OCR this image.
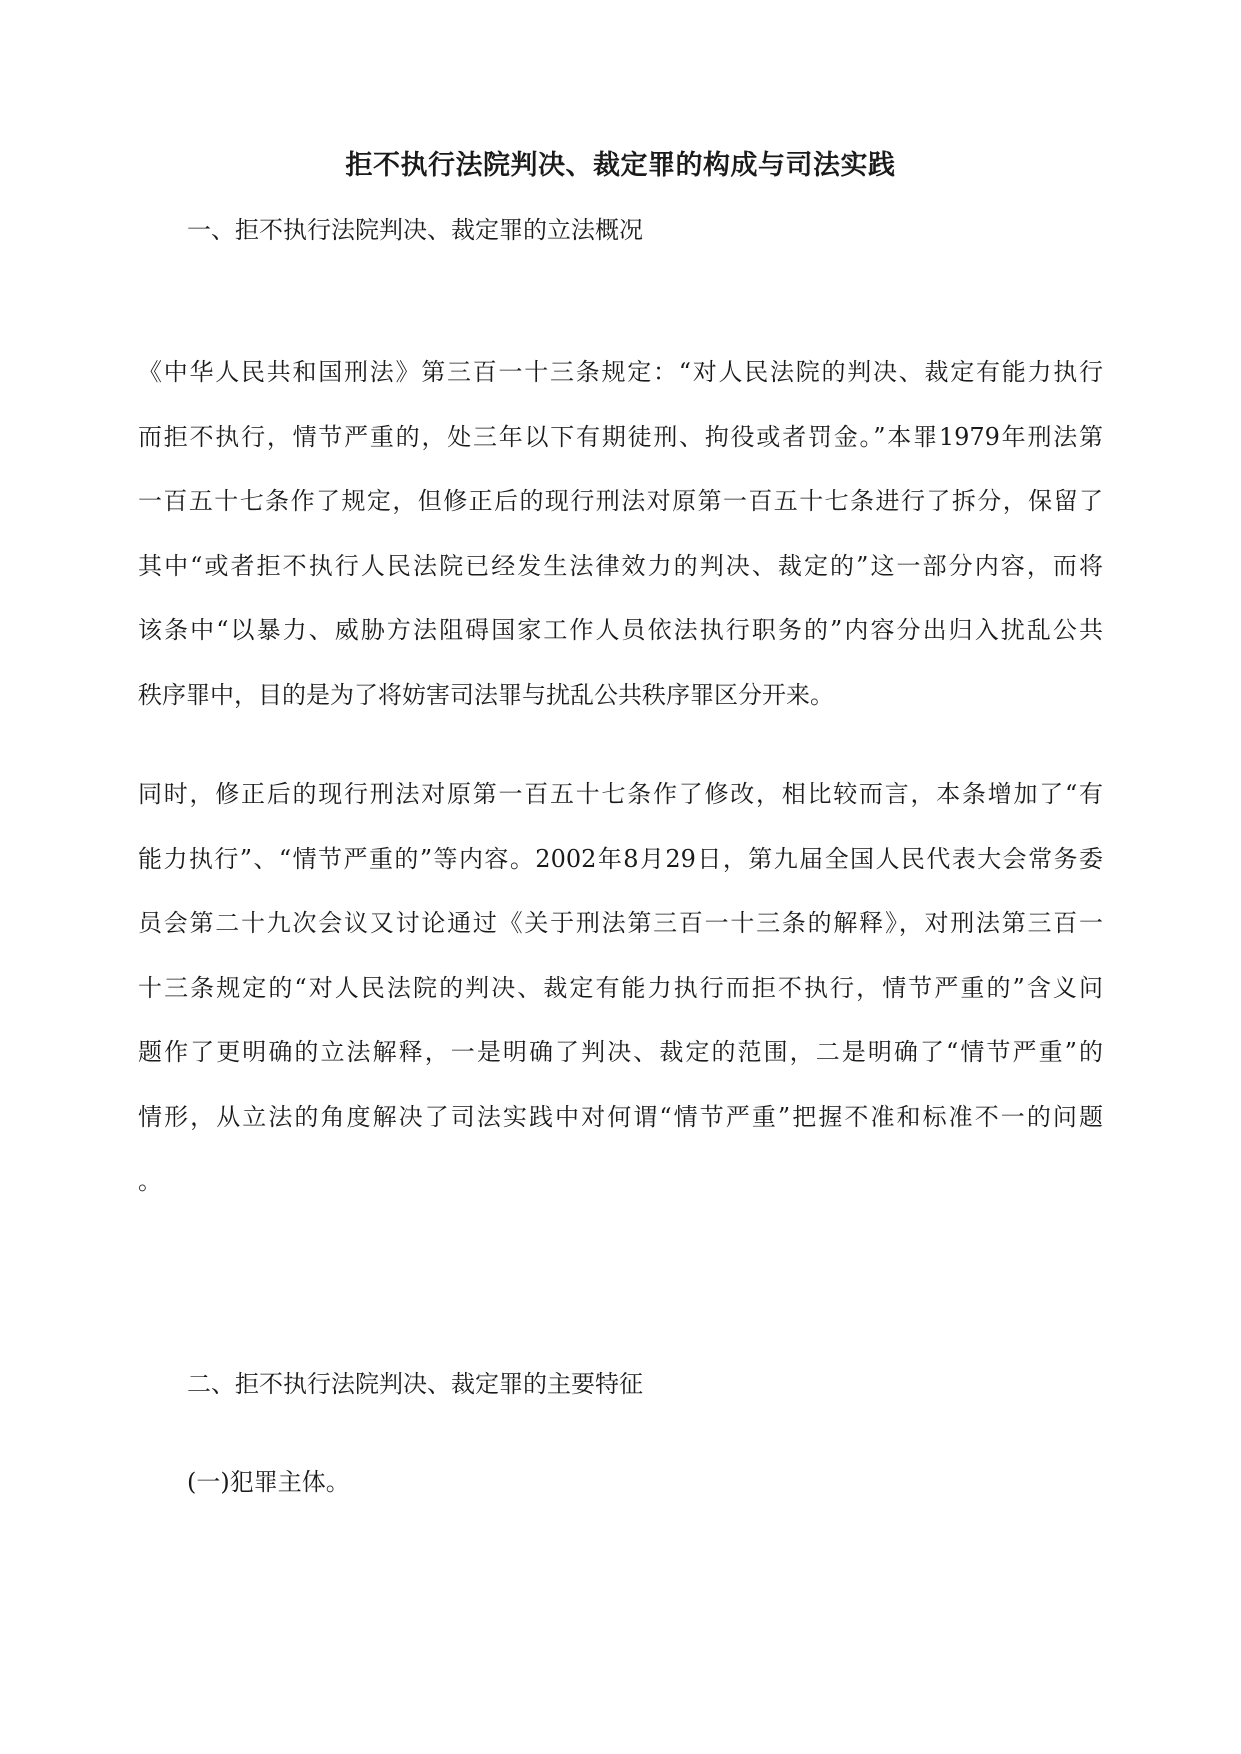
拒不执行法院判决、裁定罪的构成与司法实践
一、拒不执行法院判决、裁定罪的立法概况
《中华人民共和国刑法》第三百一十三条规定：“对人民法院的判决、裁定有能力执行
而拒不执行，情节严重的，处三年以下有期徒刑、拘役或者罚金。”本罪1979年刑法第
一百五十七条作了规定，但修正后的现行刑法对原第一百五十七条进行了拆分，保留了
其中“或者拒不执行人民法院已经发生法律效力的判决、裁定的”这一部分内容，而将
该条中“以暴力、威胁方法阻碍国家工作人员依法执行职务的”内容分出归入扰乱公共
秩序罪中，目的是为了将妨害司法罪与扰乱公共秩序罪区分开来。
同时，修正后的现行刑法对原第一百五十七条作了修改，相比较而言，本条增加了“有
能力执行”、“情节严重的”等内容。2002年8月29日，第九届全国人民代表大会常务委
员会第二十九次会议又讨论通过《关于刑法第三百一十三条的解释》，对刑法第三百一
十三条规定的“对人民法院的判决、裁定有能力执行而拒不执行，情节严重的”含义问
题作了更明确的立法解释，一是明确了判决、裁定的范围，二是明确了“情节严重”的
情形，从立法的角度解决了司法实践中对何谓“情节严重”把握不准和标准不一的问题
。
二、拒不执行法院判决、裁定罪的主要特征
(一)犯罪主体。
